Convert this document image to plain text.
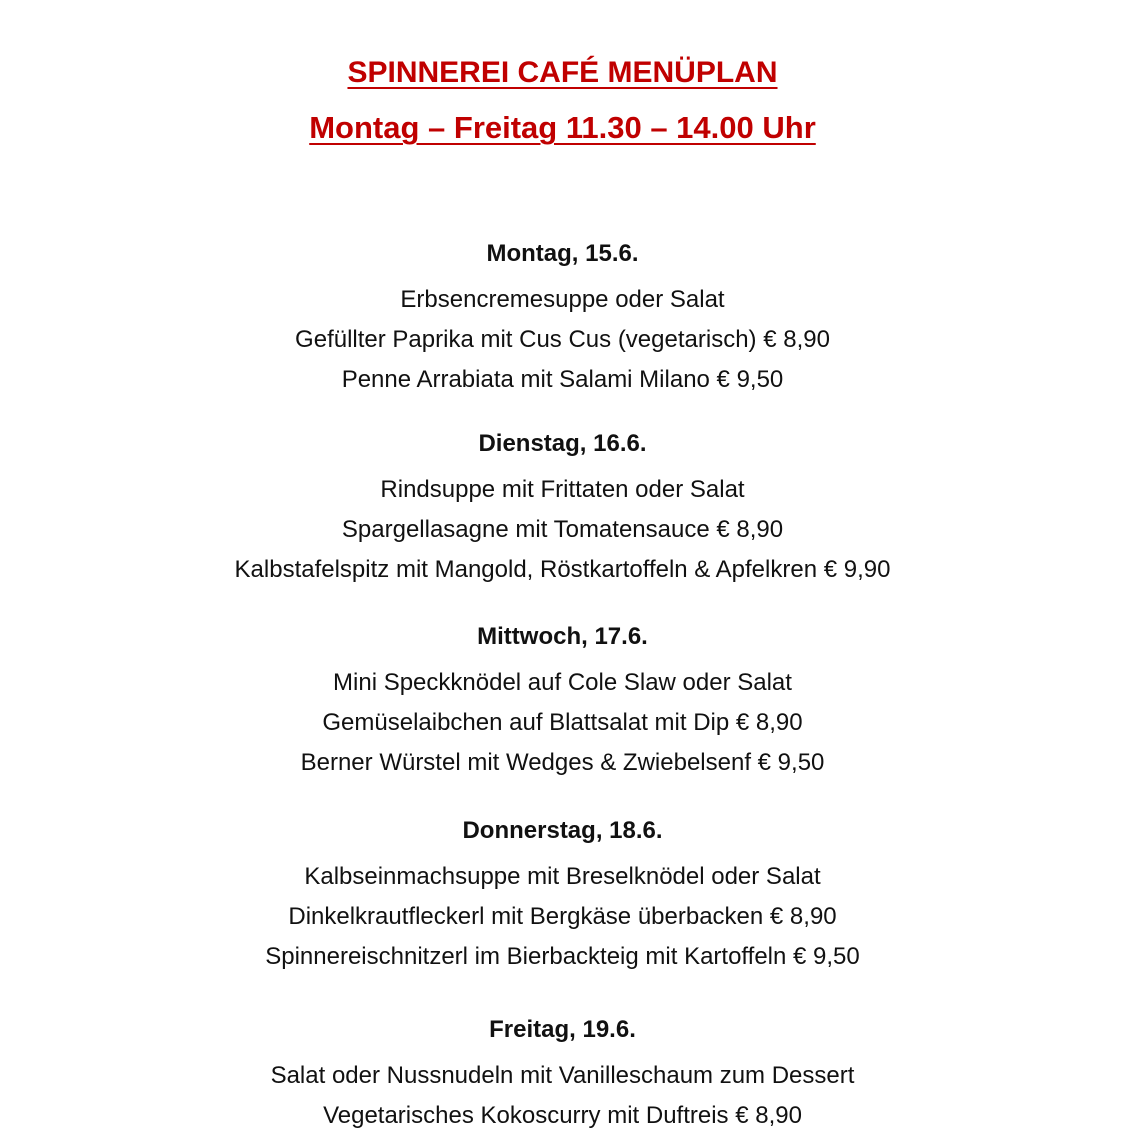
SPINNEREI CAFÉ MENÜPLAN
Montag – Freitag 11.30 – 14.00 Uhr
Montag, 15.6.
Erbsencremesuppe oder Salat
Gefüllter Paprika mit Cus Cus (vegetarisch) € 8,90
Penne Arrabiata mit Salami Milano € 9,50
Dienstag, 16.6.
Rindsuppe mit Frittaten oder Salat
Spargellasagne mit Tomatensauce € 8,90
Kalbstafelspitz mit Mangold, Röstkartoffeln & Apfelkren € 9,90
Mittwoch, 17.6.
Mini Speckknödel auf Cole Slaw oder Salat
Gemüselaibchen auf Blattsalat mit Dip € 8,90
Berner Würstel mit Wedges & Zwiebelsenf € 9,50
Donnerstag, 18.6.
Kalbseinmachsuppe mit Breselknödel oder Salat
Dinkelkrautfleckerl mit Bergkäse überbacken € 8,90
Spinnereischnitzerl im Bierbackteig mit Kartoffeln € 9,50
Freitag, 19.6.
Salat oder Nussnudeln mit Vanilleschaum zum Dessert
Vegetarisches Kokoscurry mit Duftreis € 8,90
